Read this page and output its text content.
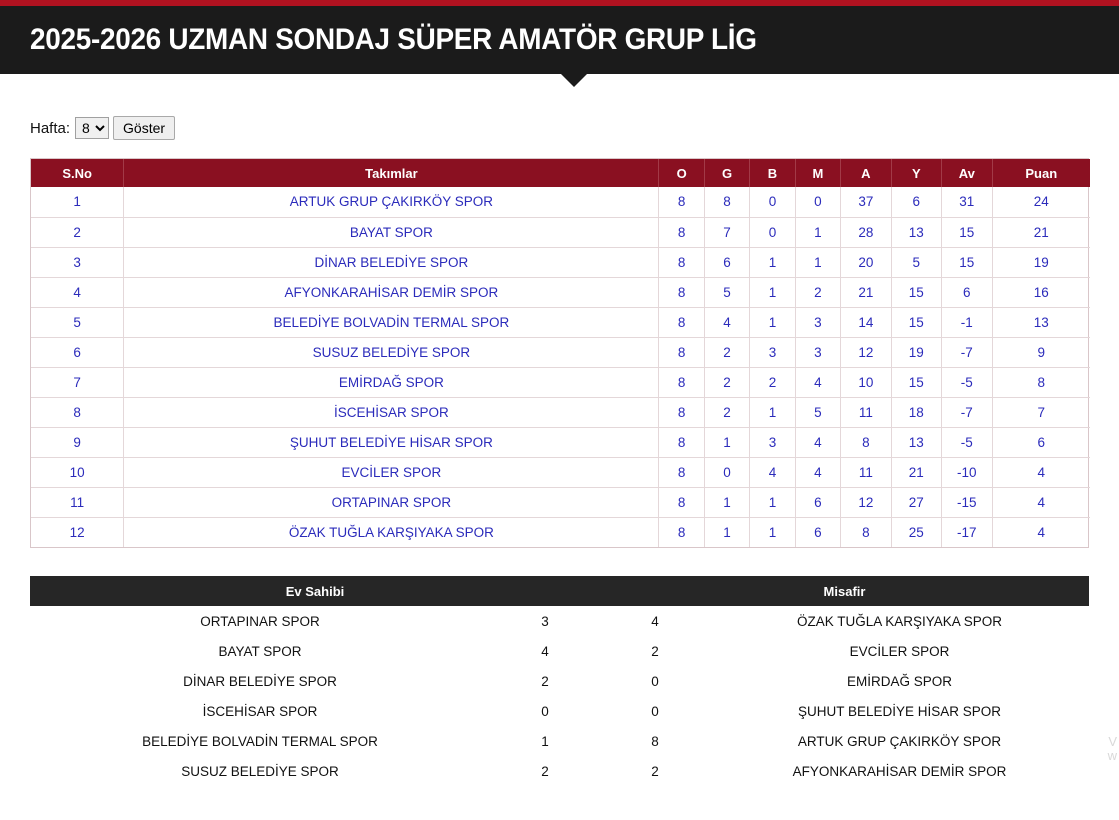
2025-2026 UZMAN SONDAJ SÜPER AMATÖR GRUP LİG
Hafta:
8	Göster
S.No	Takımlar	O	G	B	M	A	Y	Av	Puan
1	ARTUK GRUP ÇAKIRKÖY SPOR	8	8	0	0	37	6	31	24
2	BAYAT SPOR	8	7	0	1	28	13	15	21
3	DİNAR BELEDİYE SPOR	8	6	1	1	20	5	15	19
4	AFYONKARAHİSAR DEMİR SPOR	8	5	1	2	21	15	6	16
5	BELEDİYE BOLVADİN TERMAL SPOR	8	4	1	3	14	15	-1	13
6	SUSUZ BELEDİYE SPOR	8	2	3	3	12	19	-7	9
7	EMİRDAĞ SPOR	8	2	2	4	10	15	-5	8
8	İSCEHİSAR SPOR	8	2	1	5	11	18	-7	7
9	ŞUHUT BELEDİYE HİSAR SPOR	8	1	3	4	8	13	-5	6
10	EVCİLER SPOR	8	0	4	4	11	21	-10	4
11	ORTAPINAR SPOR	8	1	1	6	12	27	-15	4
12	ÖZAK TUĞLA KARŞIYAKA SPOR	8	1	1	6	8	25	-17	4
Ev Sahibi		Misafir	
ORTAPINAR SPOR	3	4	ÖZAK TUĞLA KARŞIYAKA SPOR
BAYAT SPOR	4	2	EVCİLER SPOR
DİNAR BELEDİYE SPOR	2	0	EMİRDAĞ SPOR
İSCEHİSAR SPOR	0	0	ŞUHUT BELEDİYE HİSAR SPOR
BELEDİYE BOLVADİN TERMAL SPOR	1	8	ARTUK GRUP ÇAKIRKÖY SPOR
SUSUZ BELEDİYE SPOR	2	2	AFYONKARAHİSAR DEMİR SPOR
V
w
